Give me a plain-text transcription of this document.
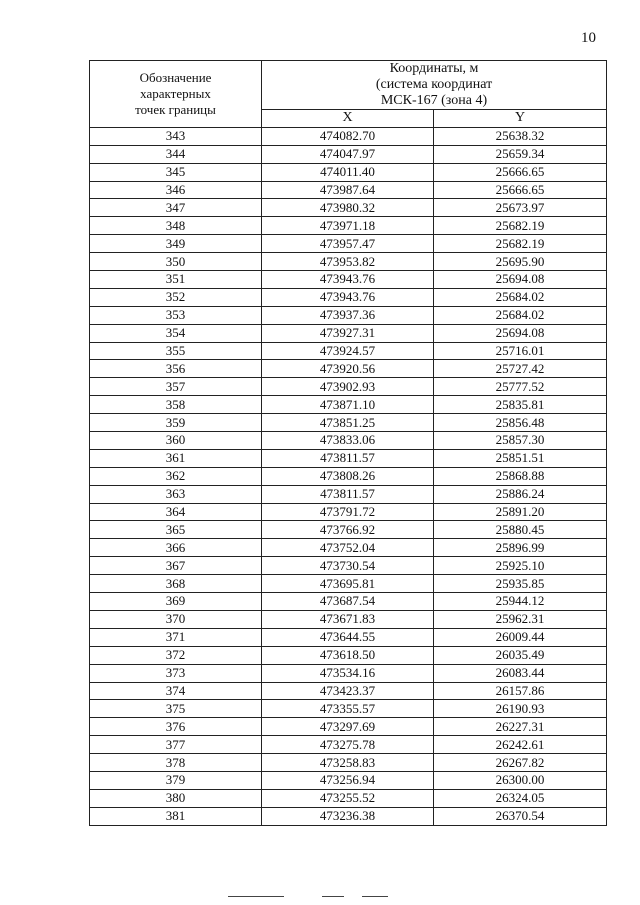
10
Обозначение
характерных
точек границы	Координаты, м
(система координат
МСК-167 (зона 4)	

	X	Y
343	474082.70	25638.32
344	474047.97	25659.34
345	474011.40	25666.65
346	473987.64	25666.65
347	473980.32	25673.97
348	473971.18	25682.19
349	473957.47	25682.19
350	473953.82	25695.90
351	473943.76	25694.08
352	473943.76	25684.02
353	473937.36	25684.02
354	473927.31	25694.08
355	473924.57	25716.01
356	473920.56	25727.42
357	473902.93	25777.52
358	473871.10	25835.81
359	473851.25	25856.48
360	473833.06	25857.30
361	473811.57	25851.51
362	473808.26	25868.88
363	473811.57	25886.24
364	473791.72	25891.20
365	473766.92	25880.45
366	473752.04	25896.99
367	473730.54	25925.10
368	473695.81	25935.85
369	473687.54	25944.12
370	473671.83	25962.31
371	473644.55	26009.44
372	473618.50	26035.49
373	473534.16	26083.44
374	473423.37	26157.86
375	473355.57	26190.93
376	473297.69	26227.31
377	473275.78	26242.61
378	473258.83	26267.82
379	473256.94	26300.00
380	473255.52	26324.05
381	473236.38	26370.54
